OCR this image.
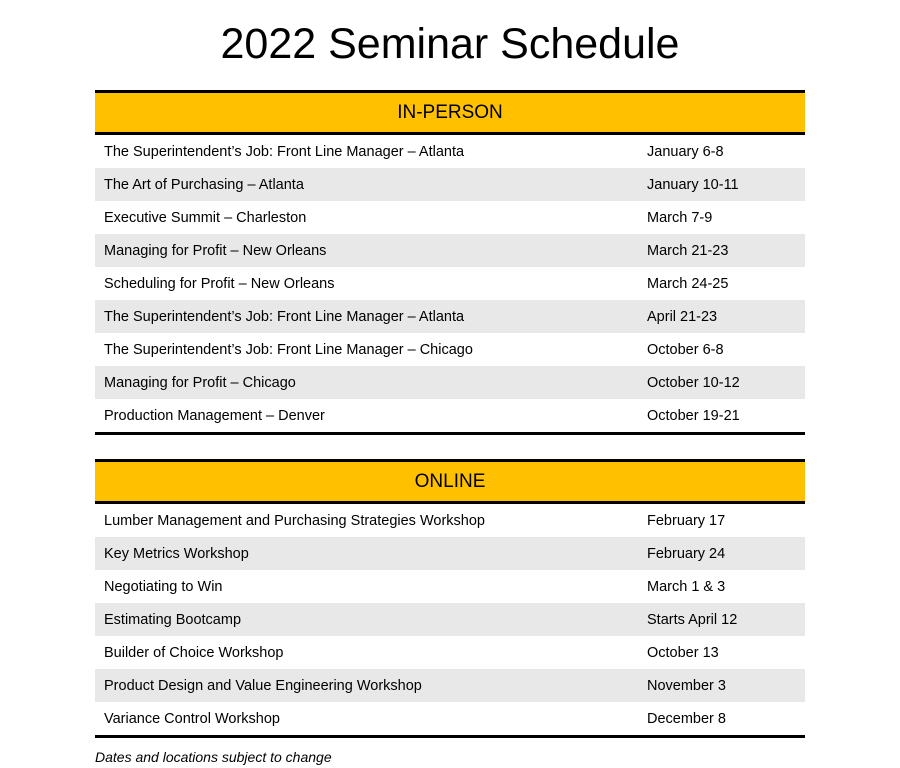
2022 Seminar Schedule
IN-PERSON
The Superintendent’s Job: Front Line Manager – Atlanta	January 6-8
The Art of Purchasing – Atlanta	January 10-11
Executive Summit – Charleston	March 7-9
Managing for Profit – New Orleans	March 21-23
Scheduling for Profit – New Orleans	March 24-25
The Superintendent’s Job: Front Line Manager – Atlanta	April 21-23
The Superintendent’s Job: Front Line Manager – Chicago	October 6-8
Managing for Profit – Chicago	October 10-12
Production Management – Denver	October 19-21
ONLINE
Lumber Management and Purchasing Strategies Workshop	February 17
Key Metrics Workshop	February 24
Negotiating to Win	March 1 & 3
Estimating Bootcamp	Starts April 12
Builder of Choice Workshop	October 13
Product Design and Value Engineering Workshop	November 3
Variance Control Workshop	December 8

Dates and locations subject to change
